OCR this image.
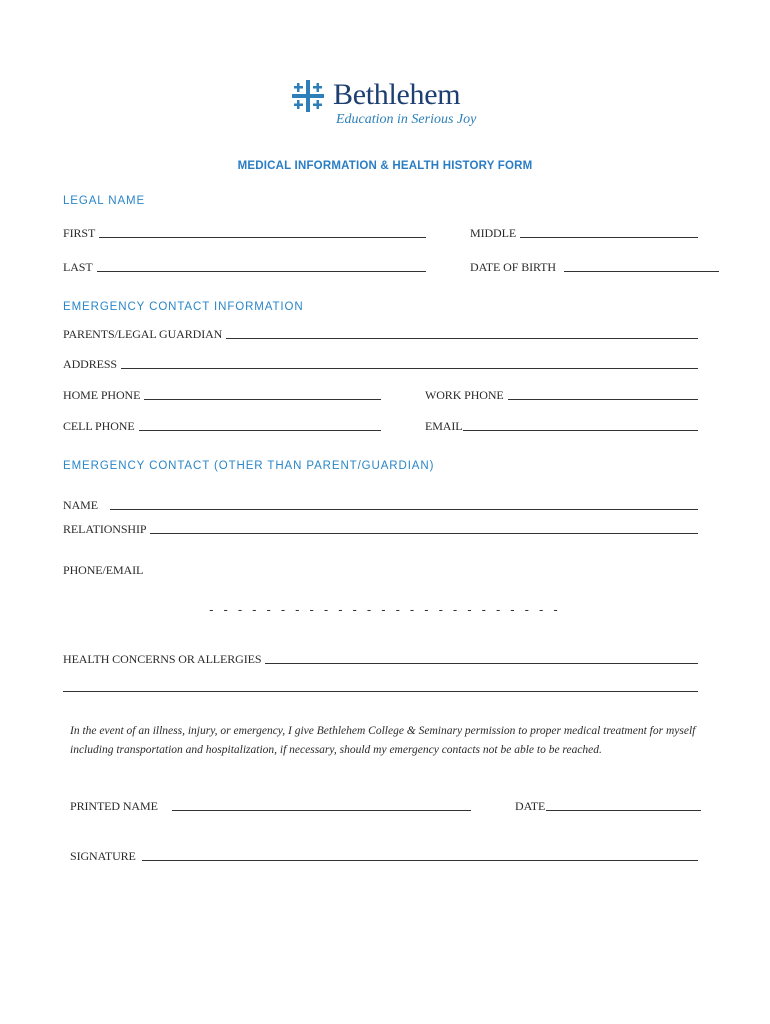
Bethlehem
Education in Serious Joy
MEDICAL INFORMATION & HEALTH HISTORY FORM
LEGAL NAME
FIRST	MIDDLE
LAST	DATE OF BIRTH
EMERGENCY CONTACT INFORMATION
PARENTS/LEGAL GUARDIAN
ADDRESS
HOME PHONE	WORK PHONE
CELL PHONE	EMAIL
EMERGENCY CONTACT (OTHER THAN PARENT/GUARDIAN)
NAME
RELATIONSHIP
PHONE/EMAIL
- - - - - - - - - - - - - - - - - - - - - - - - -
HEALTH CONCERNS OR ALLERGIES
In the event of an illness, injury, or emergency, I give Bethlehem College & Seminary permission to proper medical treatment for myself including transportation and hospitalization, if necessary, should my emergency contacts not be able to be reached.
PRINTED NAME	DATE
SIGNATURE
